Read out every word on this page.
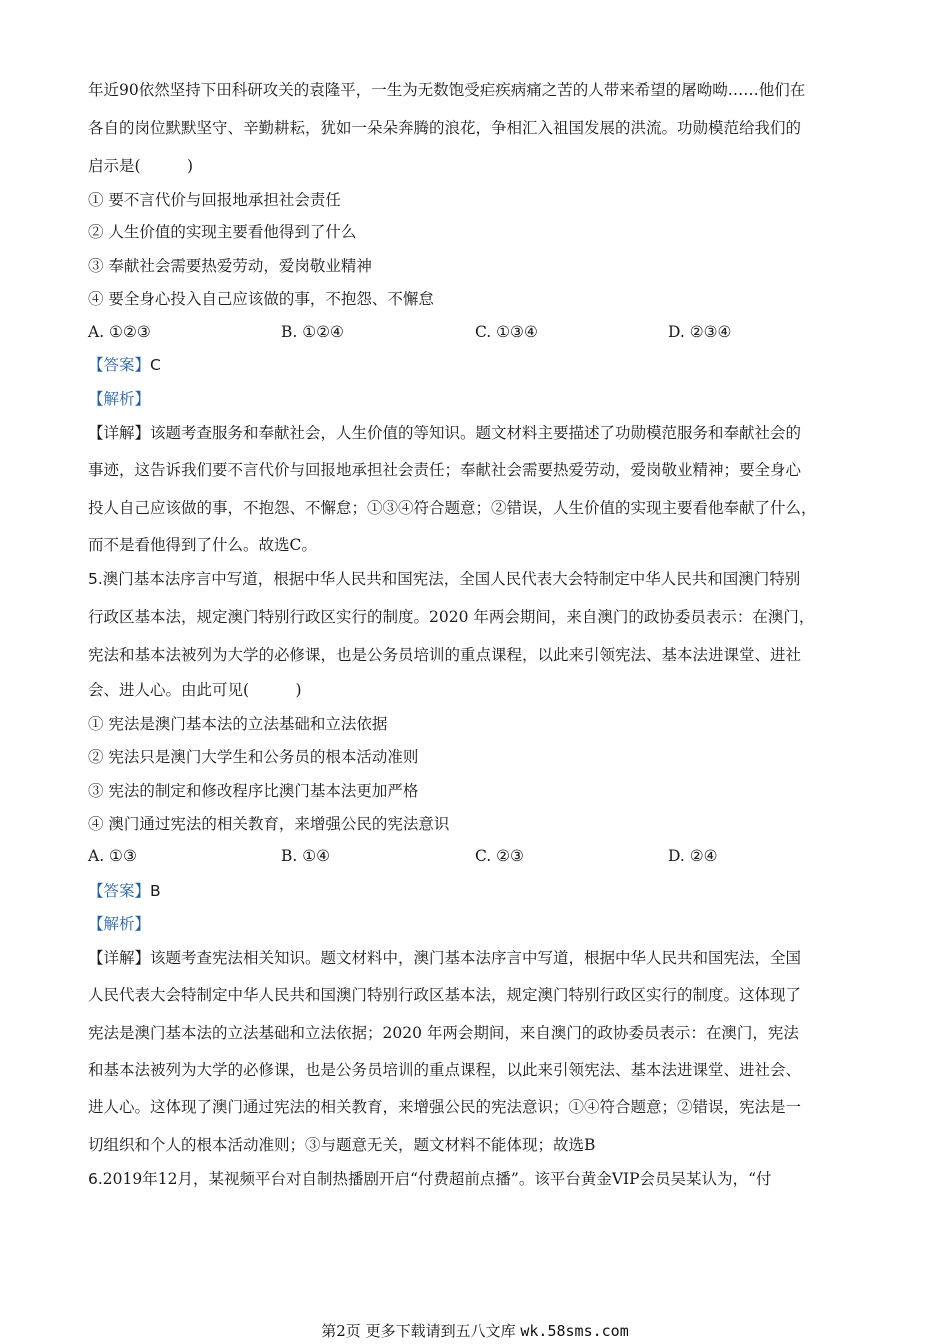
年近90依然坚持下田科研攻关的袁隆平，一生为无数饱受疟疾病痛之苦的人带来希望的屠呦呦……他们在
各自的岗位默默坚守、辛勤耕耘，犹如一朵朵奔腾的浪花，争相汇入祖国发展的洪流。功勋模范给我们的
启示是(　　　)
① 要不言代价与回报地承担社会责任
② 人生价值的实现主要看他得到了什么
③ 奉献社会需要热爱劳动，爱岗敬业精神
④ 要全身心投入自己应该做的事，不抱怨、不懈怠
A. ①②③	B. ①②④	C. ①③④	D. ②③④
【答案】C
【解析】
【详解】该题考查服务和奉献社会，人生价值的等知识。题文材料主要描述了功勋模范服务和奉献社会的
事迹，这告诉我们要不言代价与回报地承担社会责任；奉献社会需要热爱劳动，爱岗敬业精神；要全身心
投人自己应该做的事，不抱怨、不懈怠；①③④符合题意；②错误，人生价值的实现主要看他奉献了什么，
而不是看他得到了什么。故选C。
5.澳门基本法序言中写道，根据中华人民共和国宪法，全国人民代表大会特制定中华人民共和国澳门特别
行政区基本法，规定澳门特别行政区实行的制度。2020 年两会期间，来自澳门的政协委员表示：在澳门，
宪法和基本法被列为大学的必修课，也是公务员培训的重点课程，以此来引领宪法、基本法进课堂、进社
会、进人心。由此可见(　　　)
① 宪法是澳门基本法的立法基础和立法依据
② 宪法只是澳门大学生和公务员的根本活动准则
③ 宪法的制定和修改程序比澳门基本法更加严格
④ 澳门通过宪法的相关教育，来增强公民的宪法意识
A. ①③	B. ①④	C. ②③	D. ②④
【答案】B
【解析】
【详解】该题考查宪法相关知识。题文材料中，澳门基本法序言中写道，根据中华人民共和国宪法，全国
人民代表大会特制定中华人民共和国澳门特别行政区基本法，规定澳门特别行政区实行的制度。这体现了
宪法是澳门基本法的立法基础和立法依据；2020 年两会期间，来自澳门的政协委员表示：在澳门，宪法
和基本法被列为大学的必修课，也是公务员培训的重点课程，以此来引领宪法、基本法进课堂、进社会、
进人心。这体现了澳门通过宪法的相关教育，来增强公民的宪法意识；①④符合题意；②错误，宪法是一
切组织和个人的根本活动准则；③与题意无关，题文材料不能体现；故选B
6.2019年12月，某视频平台对自制热播剧开启“付费超前点播”。该平台黄金VIP会员吴某认为，“付
第2页 更多下载请到五八文库 wk.58sms.com
